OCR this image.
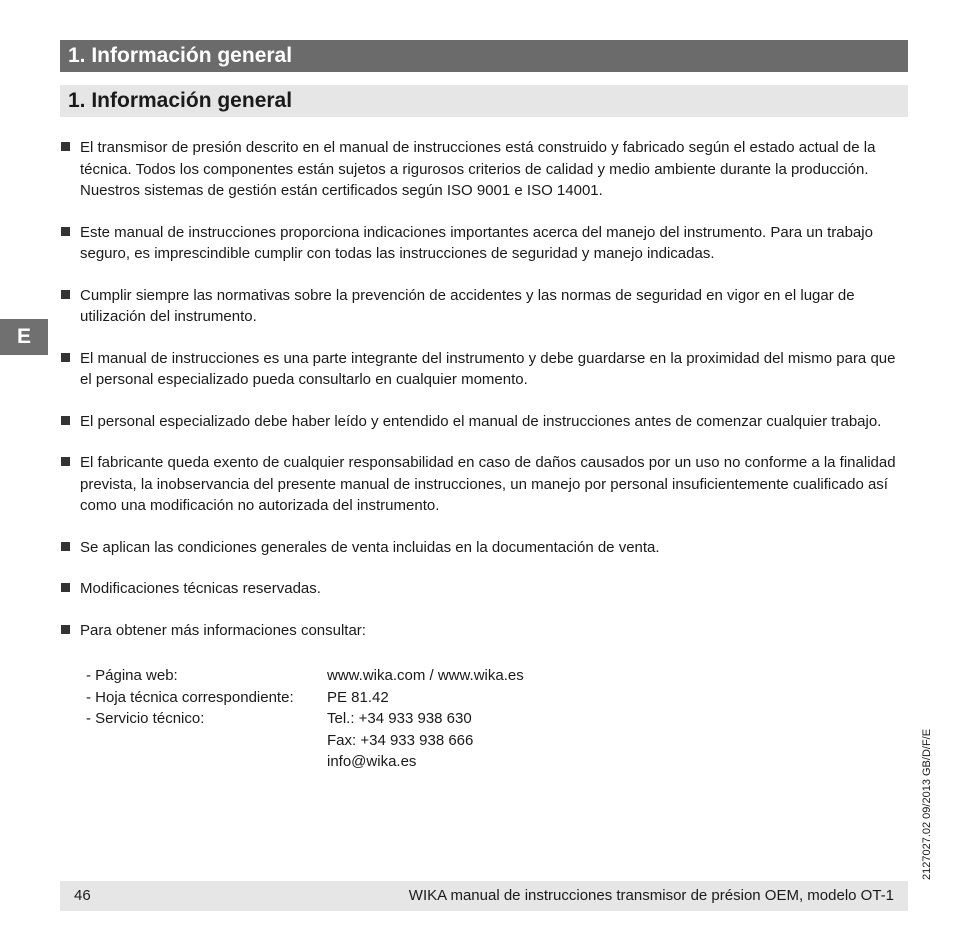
1. Información general
1. Información general
E
El transmisor de presión descrito en el manual de instrucciones está construido y fabricado según el estado actual de la técnica. Todos los componentes están sujetos a rigurosos criterios de calidad y medio ambiente durante la producción. Nuestros sistemas de gestión están certificados según ISO 9001 e ISO 14001.
Este manual de instrucciones proporciona indicaciones importantes acerca del manejo del instrumento. Para un trabajo seguro, es imprescindible cumplir con todas las instrucciones de seguridad y manejo indicadas.
Cumplir siempre las normativas sobre la prevención de accidentes y las normas de seguridad en vigor en el lugar de utilización del instrumento.
El manual de instrucciones es una parte integrante del instrumento y debe guardarse en la proximidad del mismo para que el personal especializado pueda consultarlo en cualquier momento.
El personal especializado debe haber leído y entendido el manual de instrucciones antes de comenzar cualquier trabajo.
El fabricante queda exento de cualquier responsabilidad en caso de daños causados por un uso no conforme a la finalidad prevista, la inobservancia del presente manual de instrucciones, un manejo por personal insuficientemente cualificado así como una modificación no autorizada del instrumento.
Se aplican las condiciones generales de venta incluidas en la documentación de venta.
Modificaciones técnicas reservadas.
Para obtener más informaciones consultar:
- Página web:	www.wika.com / www.wika.es
- Hoja técnica correspondiente:	PE 81.42
- Servicio técnico:	Tel.: +34 933 938 630
Fax: +34 933 938 666
info@wika.es
46	WIKA manual de instrucciones transmisor de présion OEM, modelo OT-1
2127027.02 09/2013 GB/D/F/E
